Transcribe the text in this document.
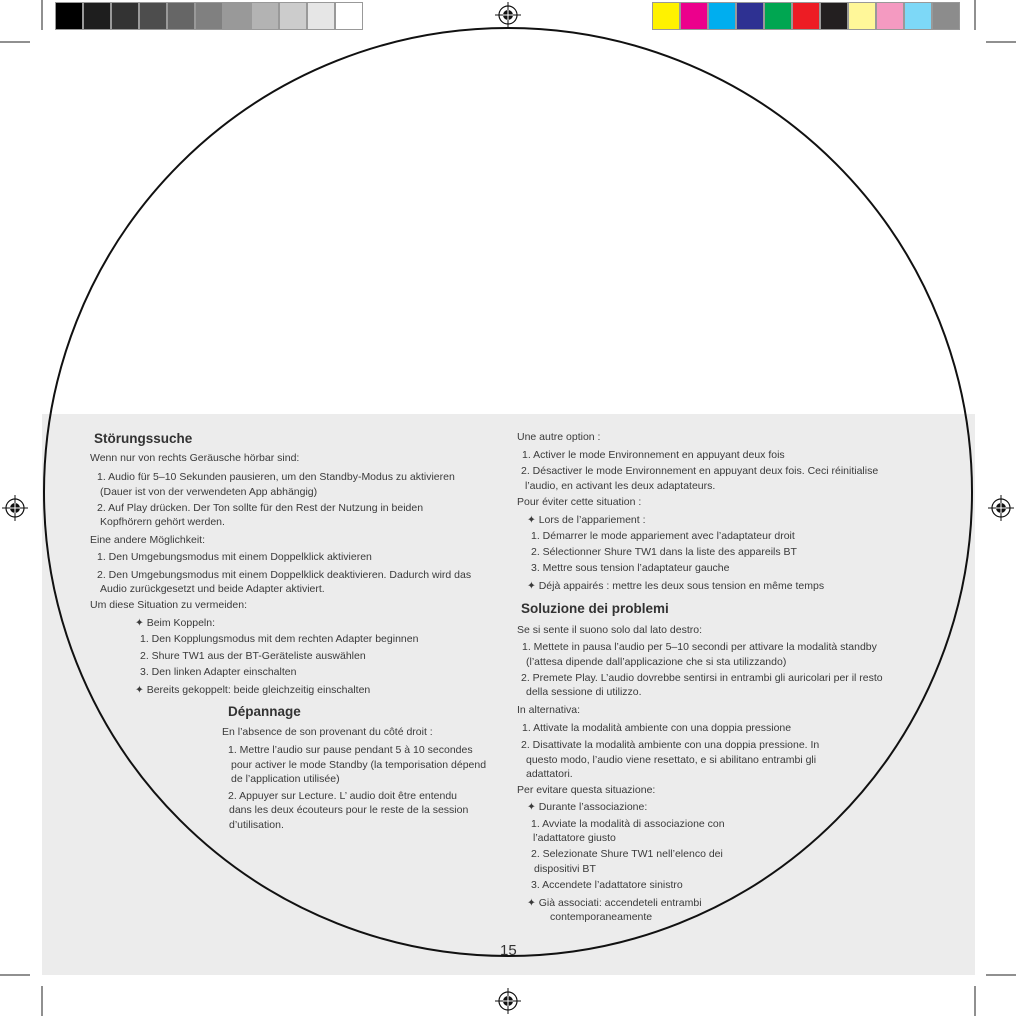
Störungssuche
Wenn nur von rechts Geräusche hörbar sind:
1. Audio für 5–10 Sekunden pausieren, um den Standby-Modus zu aktivieren
(Dauer ist von der verwendeten App abhängig)
2. Auf Play drücken. Der Ton sollte für den Rest der Nutzung in beiden
Kopfhörern gehört werden.
Eine andere Möglichkeit:
1. Den Umgebungsmodus mit einem Doppelklick aktivieren
2. Den Umgebungsmodus mit einem Doppelklick deaktivieren. Dadurch wird das
Audio zurückgesetzt und beide Adapter aktiviert.
Um diese Situation zu vermeiden:
✦ Beim Koppeln:
1. Den Kopplungsmodus mit dem rechten Adapter beginnen
2. Shure TW1 aus der BT-Geräteliste auswählen
3. Den linken Adapter einschalten
✦ Bereits gekoppelt: beide gleichzeitig einschalten
Dépannage
En l’absence de son provenant du côté droit :
1. Mettre l’audio sur pause pendant 5 à 10 secondes
pour activer le mode Standby (la temporisation dépend
de l’application utilisée)
2. Appuyer sur Lecture. L’ audio doit être entendu
dans les deux écouteurs pour le reste de la session
d’utilisation.
Une autre option :
1. Activer le mode Environnement en appuyant deux fois
2. Désactiver le mode Environnement en appuyant deux fois. Ceci réinitialise
l’audio, en activant les deux adaptateurs.
Pour éviter cette situation :
✦ Lors de l’appariement :
1. Démarrer le mode appariement avec l’adaptateur droit
2. Sélectionner Shure TW1 dans la liste des appareils BT
3. Mettre sous tension l’adaptateur gauche
✦ Déjà appairés : mettre les deux sous tension en même temps
Soluzione dei problemi
Se si sente il suono solo dal lato destro:
1. Mettete in pausa l’audio per 5–10 secondi per attivare la modalità standby
(l’attesa dipende dall’applicazione che si sta utilizzando)
2. Premete Play. L’audio dovrebbe sentirsi in entrambi gli auricolari per il resto
della sessione di utilizzo.
In alternativa:
1. Attivate la modalità ambiente con una doppia pressione
2. Disattivate la modalità ambiente con una doppia pressione. In
questo modo, l’audio viene resettato, e si abilitano entrambi gli
adattatori.
Per evitare questa situazione:
✦ Durante l’associazione:
1. Avviate la modalità di associazione con
l’adattatore giusto
2. Selezionate Shure TW1 nell’elenco dei
dispositivi BT
3. Accendete l’adattatore sinistro
✦ Già associati: accendeteli entrambi
contemporaneamente
15
